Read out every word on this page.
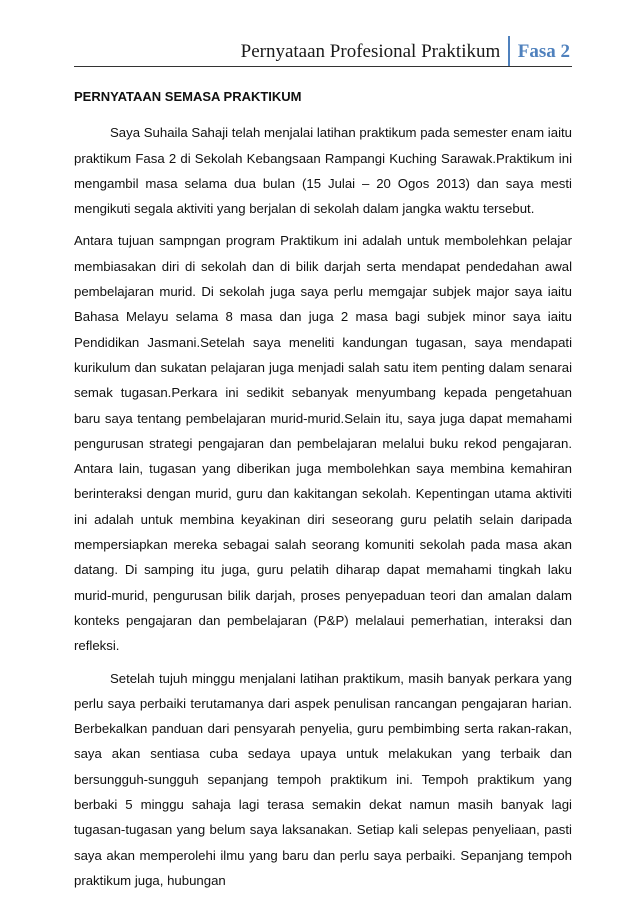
Pernyataan Profesional Praktikum Fasa 2
PERNYATAAN SEMASA PRAKTIKUM

Saya Suhaila Sahaji telah menjalai latihan praktikum pada semester enam iaitu praktikum Fasa 2 di Sekolah Kebangsaan Rampangi Kuching Sarawak.Praktikum ini mengambil masa selama dua bulan (15 Julai – 20 Ogos 2013) dan saya mesti mengikuti segala aktiviti yang berjalan di sekolah dalam jangka waktu tersebut.

Antara tujuan sampngan program Praktikum ini adalah untuk membolehkan pelajar membiasakan diri di sekolah dan di bilik darjah serta mendapat pendedahan awal pembelajaran murid. Di sekolah juga saya perlu memgajar subjek major saya iaitu Bahasa Melayu selama 8 masa dan juga 2 masa bagi subjek minor saya iaitu Pendidikan Jasmani.Setelah saya meneliti kandungan tugasan, saya mendapati kurikulum dan sukatan pelajaran juga menjadi salah satu item penting dalam senarai semak tugasan.Perkara ini sedikit sebanyak menyumbang kepada pengetahuan baru saya tentang pembelajaran murid-murid.Selain itu, saya juga dapat memahami pengurusan strategi pengajaran dan pembelajaran melalui buku rekod pengajaran. Antara lain, tugasan yang diberikan juga membolehkan saya membina kemahiran berinteraksi dengan murid, guru dan kakitangan sekolah. Kepentingan utama aktiviti ini adalah untuk membina keyakinan diri seseorang guru pelatih selain daripada mempersiapkan mereka sebagai salah seorang komuniti sekolah pada masa akan datang. Di samping itu juga, guru pelatih diharap dapat memahami tingkah laku murid-murid, pengurusan bilik darjah, proses penyepaduan teori dan amalan dalam konteks pengajaran dan pembelajaran (P&P) melalaui pemerhatian, interaksi dan refleksi.

Setelah tujuh minggu menjalani latihan praktikum, masih banyak perkara yang perlu saya perbaiki terutamanya dari aspek penulisan rancangan pengajaran harian. Berbekalkan panduan dari pensyarah penyelia, guru pembimbing serta rakan-rakan, saya akan sentiasa cuba sedaya upaya untuk melakukan yang terbaik dan bersungguh-sungguh sepanjang tempoh praktikum ini. Tempoh praktikum yang berbaki 5 minggu sahaja lagi terasa semakin dekat namun masih banyak lagi tugasan-tugasan yang belum saya laksanakan. Setiap kali selepas penyeliaan, pasti saya akan memperolehi ilmu yang baru dan perlu saya perbaiki. Sepanjang tempoh praktikum juga, hubungan
